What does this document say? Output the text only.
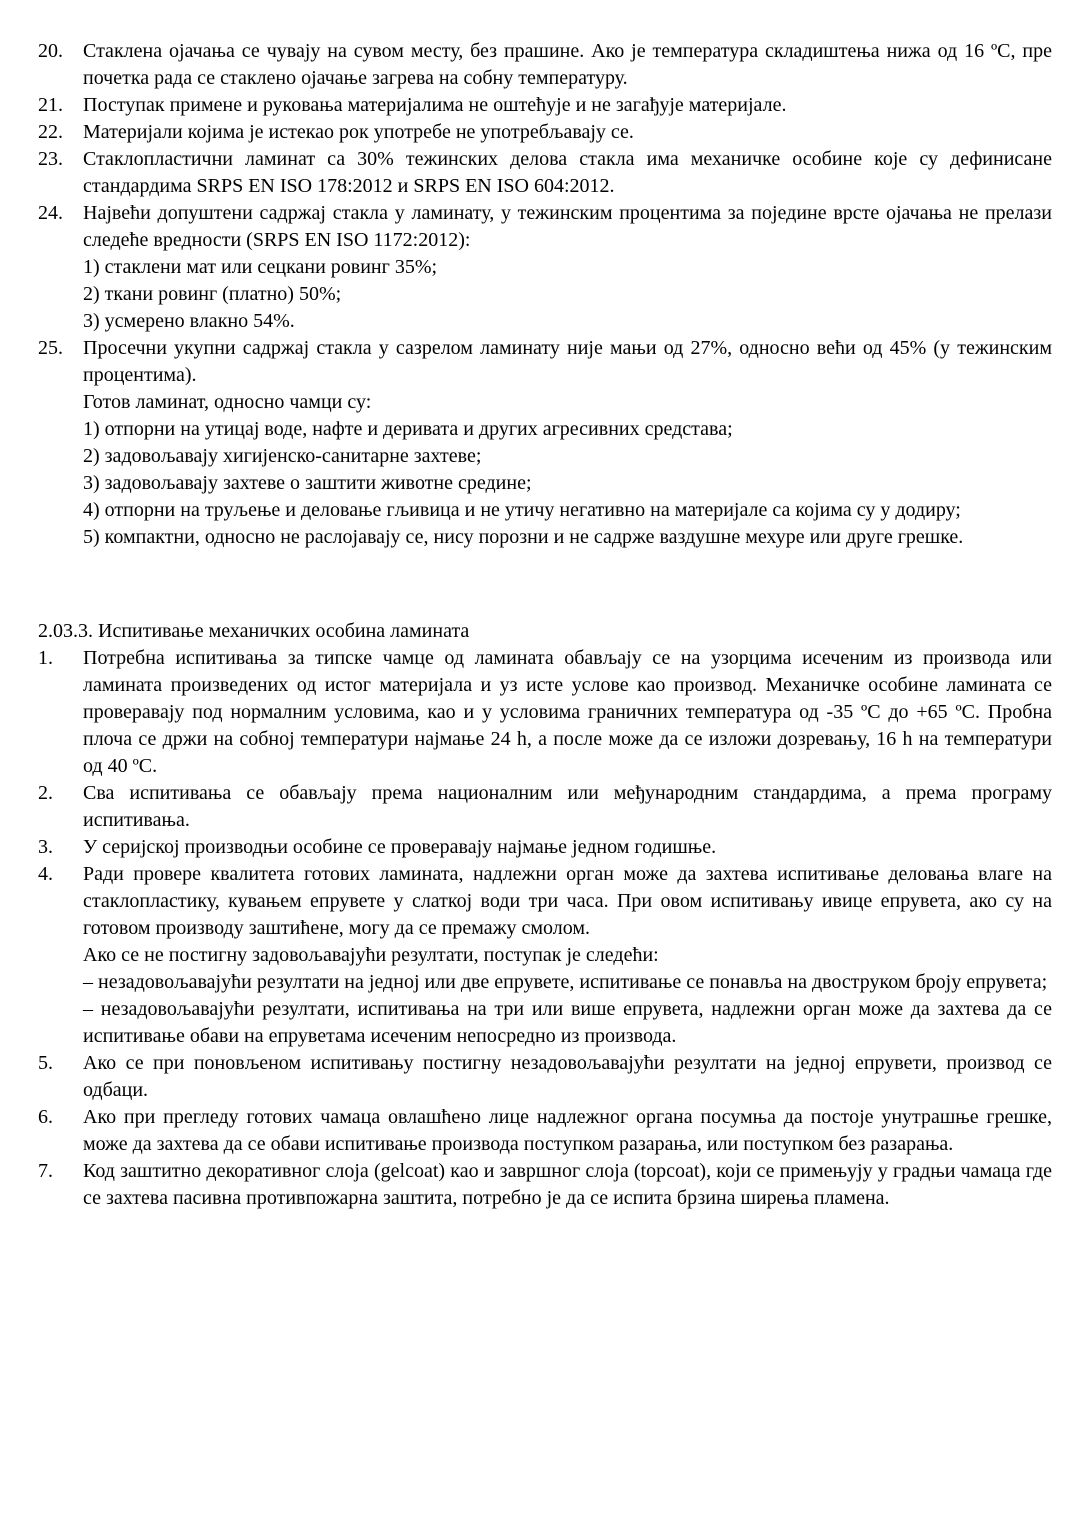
20. Стаклена ојачања се чувају на сувом месту, без прашине. Ако је температура складиштења нижа од 16 ºC, пре почетка рада се стаклено ојачање загрева на собну температуру.

21. Поступак примене и руковања материјалима не оштећује и не загађује материјале.

22. Материјали којима је истекао рок употребе не употребљавају се.

23. Стаклопластични ламинат са 30% тежинских делова стакла има механичке особине које су дефинисане стандардима SRPS EN ISO 178:2012 и SRPS EN ISO 604:2012.

24. Највећи допуштени садржај стакла у ламинату, у тежинским процентима за поједине врсте ојачања не прелази следеће вредности (SRPS EN ISO 1172:2012):

1) стаклени мат или сецкани ровинг 35%;

2) ткани ровинг (платно) 50%;

3) усмерено влакно 54%.

25. Просечни укупни садржај стакла у сазрелом ламинату није мањи од 27%, односно већи од 45% (у тежинским процентима).

Готов ламинат, односно чамци су:

1) отпорни на утицај воде, нафте и деривата и других агресивних средстава;

2) задовољавају хигијенско-санитарне захтеве;

3) задовољавају захтеве о заштити животне средине;

4) отпорни на труљење и деловање гљивица и не утичу негативно на материјале са којима су у додиру;

5) компактни, односно не раслојавају се, нису порозни и не садрже ваздушне мехуре или друге грешке.

2.03.3. Испитивање механичких особина ламината
1. Потребна испитивања за типске чамце од ламината обављају се на узорцима исеченим из производа или ламината произведених од истог материјала и уз исте услове као производ. Механичке особине ламината се проверавају под нормалним условима, као и у условима граничних температура од -35 ºC до +65 ºC. Пробна плоча се држи на собној температури најмање 24 h, а после може да се изложи дозревању, 16 h на температури од 40 ºC.

2. Сва испитивања се обављају према националним или међународним стандардима, а према програму испитивања.

3. У серијској производњи особине се проверавају најмање једном годишње.

4. Ради провере квалитета готових ламината, надлежни орган може да захтева испитивање деловања влаге на стаклопластику, кувањем епрувете у слаткој води три часа. При овом испитивању ивице епрувета, ако су на готовом производу заштићене, могу да се премажу смолом.

Ако се не постигну задовољавајући резултати, поступак је следећи:

– незадовољавајући резултати на једној или две епрувете, испитивање се понавља на двоструком броју епрувета;

– незадовољавајући резултати, испитивања на три или више епрувета, надлежни орган може да захтева да се испитивање обави на епруветама исеченим непосредно из производа.

5. Ако се при поновљеном испитивању постигну незадовољавајући резултати на једној епрувети, производ се одбаци.

6. Ако при прегледу готових чамаца овлашћено лице надлежног органа посумња да постоје унутрашње грешке, може да захтева да се обави испитивање производа поступком разарања, или поступком без разарања.

7. Код заштитно декоративног слоја (gelcoat) као и завршног слоја (topcoat), који се примењују у градњи чамаца где се захтева пасивна противпожарна заштита, потребно је да се испита брзина ширења пламена.
